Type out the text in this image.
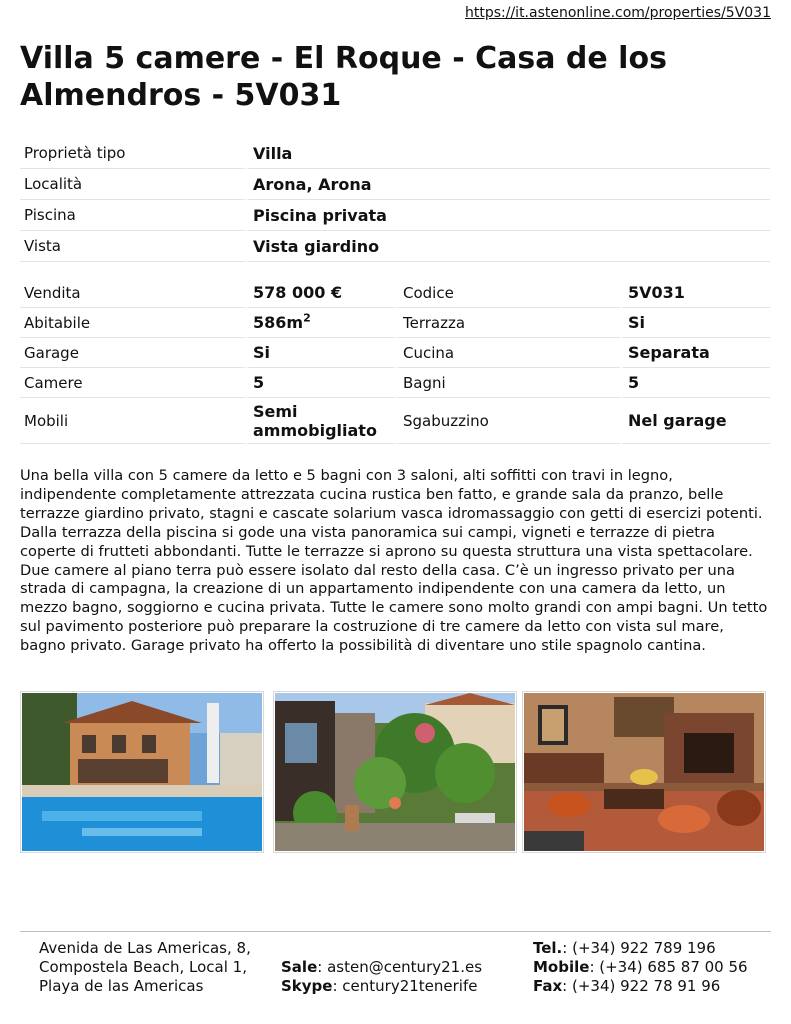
https://it.astenonline.com/properties/5V031
Villa 5 camere - El Roque - Casa de los Almendros - 5V031
Proprietà tipo	Villa
Località	Arona, Arona
Piscina	Piscina privata
Vista	Vista giardino
Vendita	578 000 €	Codice	5V031
Abitabile	$586m^2$	Terrazza	Si
Garage	Si	Cucina	Separata
Camere	5	Bagni	5
Mobili	Semi ammobigliato	Sgabuzzino	Nel garage

Una bella villa con 5 camere da letto e 5 bagni con 3 saloni, alti soffitti con travi in legno, indipendente completamente attrezzata cucina rustica ben fatto, e grande sala da pranzo, belle terrazze giardino privato, stagni e cascate solarium vasca idromassaggio con getti di esercizi potenti. Dalla terrazza della piscina si gode una vista panoramica sui campi, vigneti e terrazze di pietra coperte di frutteti abbondanti. Tutte le terrazze si aprono su questa struttura una vista spettacolare. Due camere al piano terra può essere isolato dal resto della casa. C’è un ingresso privato per una strada di campagna, la creazione di un appartamento indipendente con una camera da letto, un mezzo bagno, soggiorno e cucina privata. Tutte le camere sono molto grandi con ampi bagni. Un tetto sul pavimento posteriore può preparare la costruzione di tre camere da letto con vista sul mare, bagno privato. Garage privato ha offerto la possibilità di diventare uno stile spagnolo cantina.

Avenida de Las Americas, 8,
Compostela Beach, Local 1,
Playa de las Americas
Sale: asten@century21.es
Skype: century21tenerife
Tel.: (+34) 922 789 196
Mobile: (+34) 685 87 00 56
Fax: (+34) 922 78 91 96
